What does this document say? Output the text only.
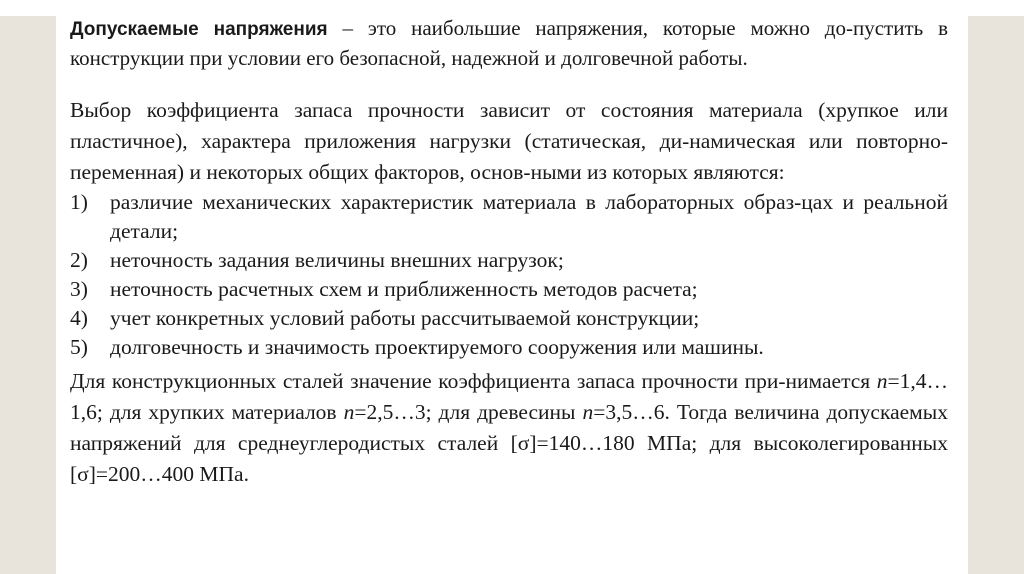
Допускаемые напряжения – это наибольшие напряжения, которые можно до-пустить в конструкции при условии его безопасной, надежной и долговечной работы.

Выбор коэффициента запаса прочности зависит от состояния материала (хрупкое или пластичное), характера приложения нагрузки (статическая, ди-намическая или повторно-переменная) и некоторых общих факторов, основ-ными из которых являются:

1)	различие механических характеристик материала в лабораторных образ-цах и реальной детали;
2)	неточность задания величины внешних нагрузок;
3)	неточность расчетных схем и приближенность методов расчета;
4)	учет конкретных условий работы рассчитываемой конструкции;
5)	долговечность и значимость проектируемого сооружения или машины.

Для конструкционных сталей значение коэффициента запаса прочности при-нимается n=1,4…1,6; для хрупких материалов n=2,5…3; для древесины n=3,5…6. Тогда величина допускаемых напряжений для среднеуглеродистых сталей [σ]=140…180 МПа; для высоколегированных [σ]=200…400 МПа.
